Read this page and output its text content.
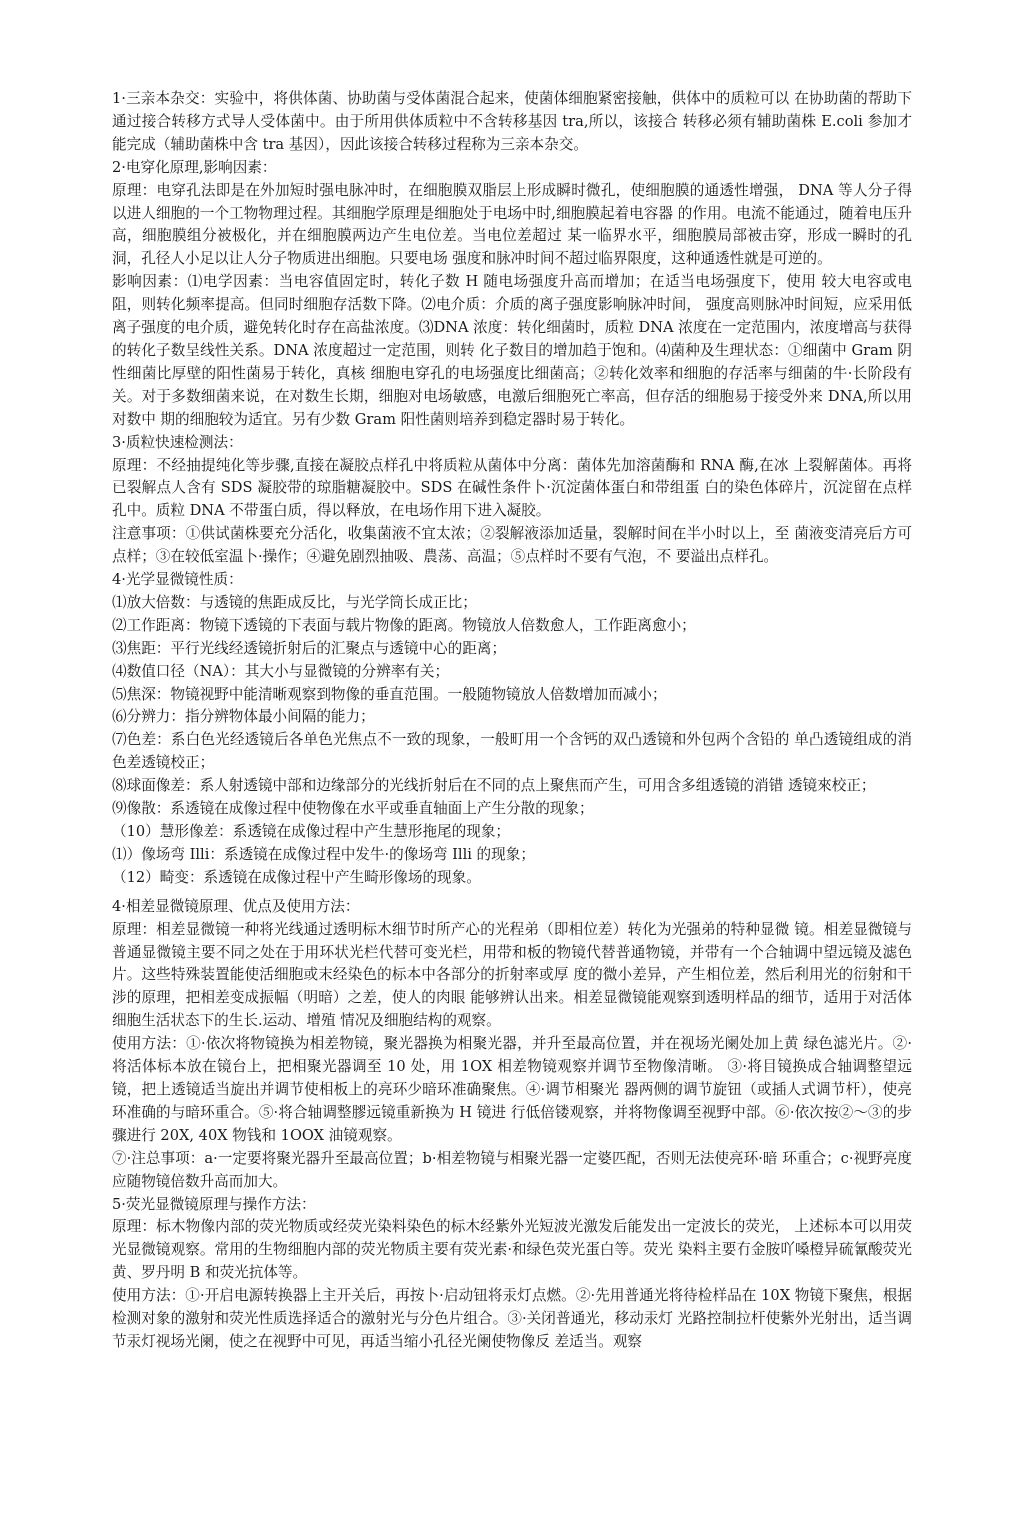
1·三亲本杂交：实验中，将供体菌、协助菌与受体菌混合起来，使菌体细胞紧密接触，供体中的质粒可以 在协助菌的帮助下通过接合转移方式导人受体菌中。由于所用供体质粒中不含转移基因 tra,所以，该接合 转移必须有辅助菌株 E.coli 参加才能完成（辅助菌株中含 tra 基因），因此该接合转移过程称为三亲本杂交。

2·电穿化原理,影响因素：

原理：电穿孔法即是在外加短时强电脉冲时，在细胞膜双脂层上形成瞬时微孔，使细胞膜的通透性增强， DNA 等人分子得以进人细胞的一个工物物理过程。其细胞学原理是细胞处于电场中时,细胞膜起着电容器 的作用。电流不能通过，随着电压升高，细胞膜组分被极化，并在细胞膜两边产生电位差。当电位差超过 某一临界水平，细胞膜局部被击穿，形成一瞬时的孔洞，孔径人小足以让人分子物质进出细胞。只要电场 强度和脉冲时间不超过临界限度，这种通透性就是可逆的。

影响因素：⑴电学因素：当电容值固定时，转化子数 H 随电场强度升高而增加；在适当电场强度下，使用 较大电容或电阻，则转化频率提高。但同时细胞存活数下降。⑵电介质：介质的离子强度影响脉冲时间， 强度高则脉冲时间短，应采用低离子强度的电介质，避免转化时存在高盐浓度。⑶DNA 浓度：转化细菌时，质粒 DNA 浓度在一定范围内，浓度增高与获得的转化子数呈线性关系。DNA 浓度超过一定范围，则转 化子数目的增加趋于饱和。⑷菌种及生理状态：①细菌中 Gram 阴性细菌比厚壁的阳性菌易于转化，真核 细胞电穿孔的电场强度比细菌高；②转化效率和细胞的存活率与细菌的牛·长阶段有关。对于多数细菌来说，在对数生长期，细胞对电场敏感，电激后细胞死亡率高，但存活的细胞易于接受外来 DNA,所以用对数中 期的细胞较为适宜。另有少数 Gram 阳性菌则培养到稳定器时易于转化。

3·质粒快速检测法：

原理：不经抽提纯化等步骤,直接在凝胶点样孔中将质粒从菌体中分离：菌体先加溶菌酶和 RNA 酶,在冰 上裂解菌体。再将已裂解点人含有 SDS 凝胶带的琼脂糖凝胶中。SDS 在碱性条件卜·沉淀菌体蛋白和带组蛋 白的染色体碎片，沉淀留在点样孔中。质粒 DNA 不带蛋白质，得以释放，在电场作用下进入凝胶。

注意事项：①供试菌株要充分活化，收集菌液不宜太浓；②裂解液添加适量，裂解时间在半小时以上，至 菌液变清亮后方可点样；③在较低室温卜·操作；④避免剧烈抽吸、農荡、高温；⑤点样时不要有气泡，不 要溢出点样孔。

4·光学显微镜性质：

⑴放大倍数：与透镜的焦距成反比，与光学筒长成正比；

⑵工作距离：物镜下透镜的下表面与载片物像的距离。物镜放人倍数愈人，工作距离愈小；

⑶焦距：平行光线经透镜折射后的汇聚点与透镜中心的距离；

⑷数值口径（NA）：其大小与显微镜的分辨率有关；

⑸焦深：物镜视野中能清晰观察到物像的垂直范围。一般随物镜放人倍数增加而减小；

⑹分辨力：指分辨物体最小间隔的能力；

⑺色差：系白色光经透镜后各单色光焦点不一致的现象，一般町用一个含钙的双凸透镜和外包两个含铅的 单凸透镜组成的消色差透镜校正；

⑻球面像差：系人射透镜中部和边缘部分的光线折射后在不同的点上聚焦而产生，可用含多组透镜的消错 透镜來校正；

⑼像散：系透镜在成像过程中使物像在水平或垂直轴面上产生分散的现象；

（10）慧形像差：系透镜在成像过程中产生慧形拖尾的现象；

⑴）像场弯 Illi：系透镜在成像过程中发牛·的像场弯 Illi 的现象；

（12）畸变：系透镜在成像过程屮产生畸形像场的现象。

4·相差显微镜原理、优点及使用方法：

原理：相差显微镜一种将光线通过透明标木细节时所产心的光程弟（即相位差）转化为光强弟的特种显微 镜。相差显微镜与普通显微镜主要不同之处在于用环状光栏代替可变光栏，用带和板的物镜代替普通物镜，并带有一个合轴调中望远镜及滤色片。这些特殊装置能使活细胞或末经染色的标本中各部分的折射率或厚 度的微小差异，产生相位差，然后利用光的衍射和干涉的原理，把相差变成振幅（明暗）之差，使人的肉眼 能够辨认出来。相差显微镜能观察到透明样品的细节，适用于对活体细胞生活状态下的生长.运动、增殖 情况及细胞结构的观察。

使用方法：①·依次将物镜换为相差物镜，聚光器换为相聚光器，并升至最高位置，并在视场光阑处加上黄 绿色滤光片。②·将活体标本放在镜台上，把相聚光器调至 10 处，用 1OX 相差物镜观察并调节至物像清晰。 ③·将目镜换成合轴调整望远镜，把上透镜适当旋出并调节使相板上的亮环少暗环准确聚焦。④·调节相聚光 器两侧的调节旋钮（或插人式调节杆），使亮环准确的与暗环重合。⑤·将合轴调整膠远镜重新换为 H 镜进 行低倍镂观察，并将物像调至视野中部。⑥·依次按②〜③的步骤进行 20X, 40X 物钱和 1OOX 油镜观察。

⑦·注总事项：a·一定要将聚光器升至最高位置；b·相差物镜与相聚光器一定婆匹配，否则无法使亮环·暗 环重合；c·视野亮度应随物镜倍数升高而加大。

5·荧光显微镜原理与操作方法：

原理：标木物像内部的荧光物质或经荧光染料染色的标木经紫外光短波光激发后能发出一定波长的荧光， 上述标本可以用荧光显微镜观察。常用的生物细胞内部的荧光物质主要有荧光素·和绿色荧光蛋白等。荧光 染料主要冇金胺吖嗓橙异硫氰酸荧光黄、罗丹明 B 和荧光抗体等。

使用方法：①·开启电源转换器上主开关后，再按卜·启动钮将汞灯点燃。②·先用普通光将待检样品在 10X 物镜下聚焦，根据检测对象的激射和荧光性质选择适合的激射光与分色片组合。③·关闭普通光，移动汞灯 光路控制拉杆使紫外光射出，适当调节汞灯视场光阑，使之在视野中可见，再适当缩小孔径光阑使物像反 差适当。观察
